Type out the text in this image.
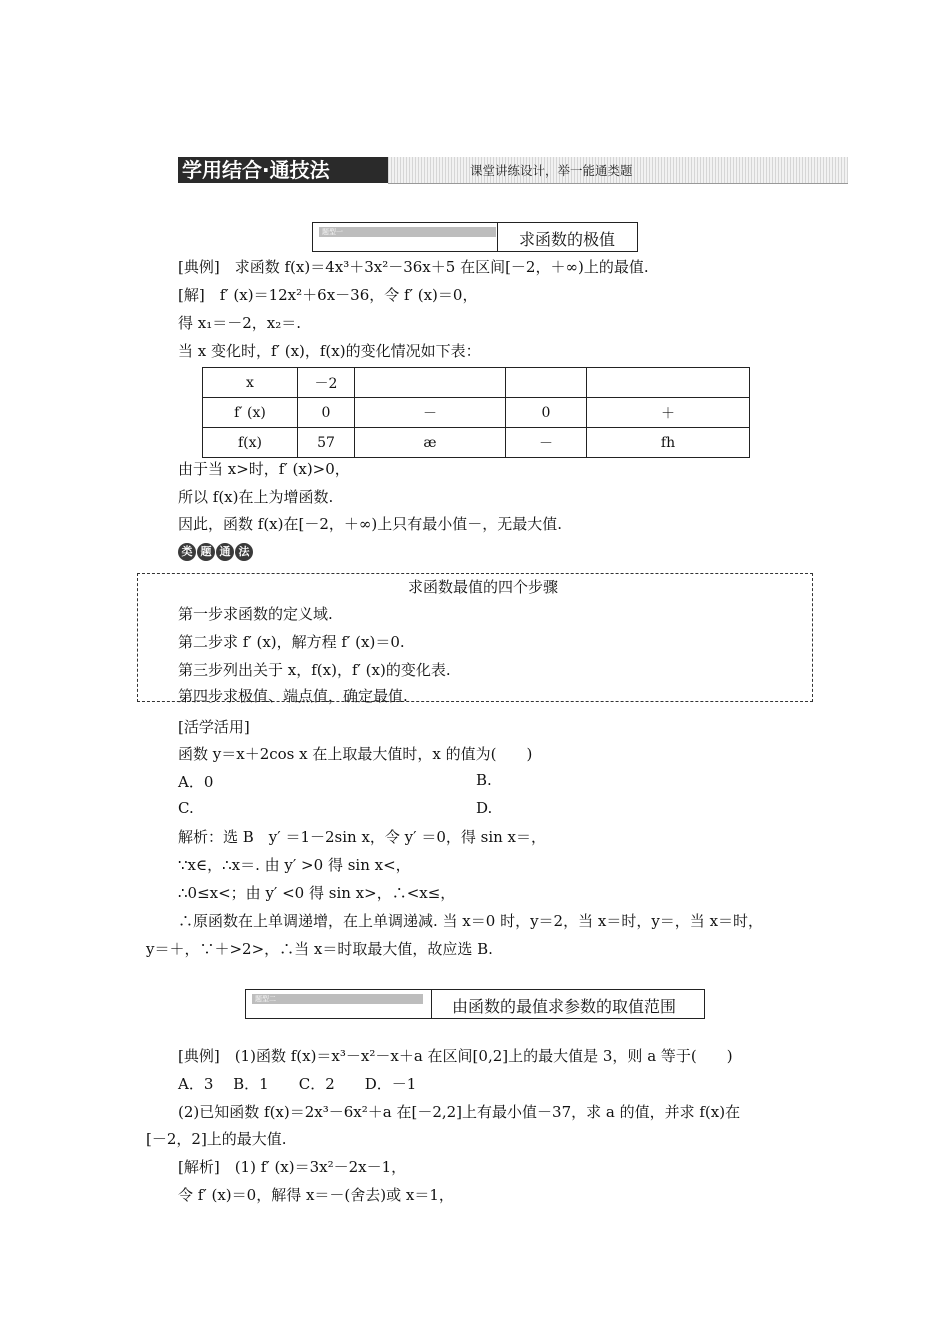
学用结合·通技法	课堂讲练设计，举一能通类题
题型一	求函数的极值
[典例]　求函数 f(x)＝4x³＋3x²－36x＋5 在区间[－2，＋∞)上的最值.
[解]　f′ (x)＝12x²＋6x－36，令 f′ (x)＝0，
得 x₁＝－2，x₂＝.
当 x 变化时，f′ (x)，f(x)的变化情况如下表：
x	－2			
f′ (x)	0	－	0	＋
f(x)	57	æ	－	fh
由于当 x>时，f′ (x)>0，
所以 f(x)在上为增函数.
因此，函数 f(x)在[－2，＋∞)上只有最小值－，无最大值.
类 题 通 法
求函数最值的四个步骤
第一步求函数的定义域.
第二步求 f′ (x)，解方程 f′ (x)＝0.
第三步列出关于 x，f(x)，f′ (x)的变化表.
第四步求极值、端点值，确定最值.
[活学活用]
函数 y＝x＋2cos x 在上取最大值时，x 的值为(　　)
A．0	B.
C.	D.
解析：选 B　y′ ＝1－2sin x，令 y′ ＝0，得 sin x＝，
∵x∈，∴x＝. 由 y′ >0 得 sin x<，
∴0≤x<；由 y′ <0 得 sin x>，∴<x≤，
∴原函数在上单调递增，在上单调递减. 当 x＝0 时，y＝2，当 x＝时，y＝，当 x＝时，
y＝＋，∵＋>2>，∴当 x＝时取最大值，故应选 B.
题型二	由函数的最值求参数的取值范围
[典例]　(1)函数 f(x)＝x³－x²－x＋a 在区间[0,2]上的最大值是 3，则 a 等于(　　)
A．3　 B．1　　C．2　　D．－1
(2)已知函数 f(x)＝2x³－6x²＋a 在[－2,2]上有最小值－37，求 a 的值，并求 f(x)在
[－2，2]上的最大值.
[解析]　(1) f′ (x)＝3x²－2x－1，
令 f′ (x)＝0，解得 x＝－(舍去)或 x＝1，
